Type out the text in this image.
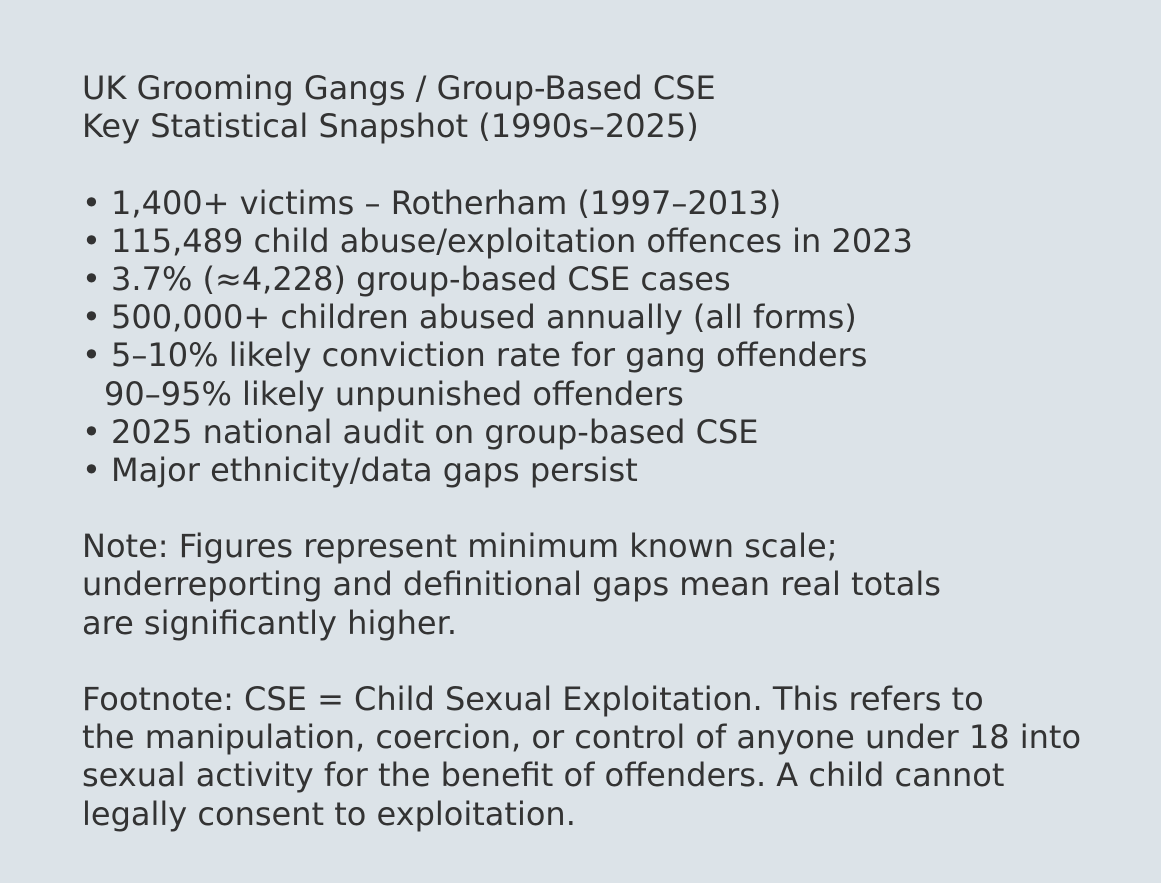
UK Grooming Gangs / Group-Based CSE
Key Statistical Snapshot (1990s–2025)
• 1,400+ victims – Rotherham (1997–2013)
• 115,489 child abuse/exploitation offences in 2023
• 3.7% (≈4,228) group-based CSE cases
• 500,000+ children abused annually (all forms)
• 5–10% likely conviction rate for gang offenders
90–95% likely unpunished offenders
• 2025 national audit on group-based CSE
• Major ethnicity/data gaps persist
Note: Figures represent minimum known scale;
underreporting and definitional gaps mean real totals
are significantly higher.
Footnote: CSE = Child Sexual Exploitation. This refers to
the manipulation, coercion, or control of anyone under 18 into
sexual activity for the benefit of offenders. A child cannot
legally consent to exploitation.
